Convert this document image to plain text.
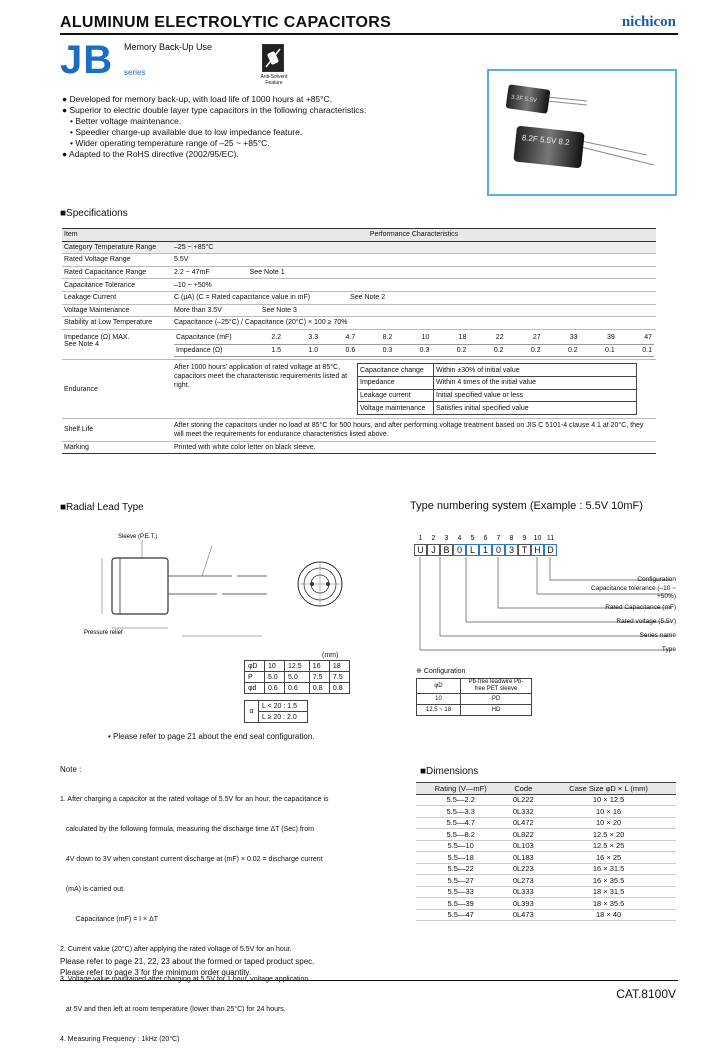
ALUMINUM ELECTROLYTIC CAPACITORS	nichicon
JB Memory Back-Up Use
series	Anti-Solvent Feature
3.3F 5.5V
8.2F 5.5V 8.2
● Developed for memory back-up, with load life of 1000 hours at +85°C.
● Superior to electric double layer type capacitors in the following characteristics:
• Better voltage maintenance.
• Speedier charge-up available due to low impedance feature.
• Wider operating temperature range of –25 ~ +85°C.
● Adapted to the RoHS directive (2002/95/EC).
■Specifications
Item	Performance Characteristics
Category Temperature Range	–25 ~ +85°C
Rated Voltage Range	5.5V
Rated Capacitance Range	2.2 ~ 47mF	See Note 1
Capacitance Tolerance	–10 ~ +50%
Leakage Current	C (μA) (C = Rated capacitance value in mF)	See Note 2
Voltage Maintenance	More than 3.5V	See Note 3
Stability at Low Temperature	Capacitance (–25°C) / Capacitance (20°C) × 100 ≥ 70%

Impedance (Ω) MAX.
See Note 4

Capacitance (mF)	2.2	3.3	4.7	8.2	10	18	22	27	33	39	47
Impedance (Ω)	1.5	1.0	0.6	0.3	0.3	0.2	0.2	0.2	0.2	0.1	0.1

Endurance	
After 1000 hours' application of rated voltage at 85°C, capacitors meet the characteristic requirements listed at right.
Capacitance change	Within ±30% of initial value
Impedance	Within 4 times of the initial value
Leakage current	Initial specified value or less
Voltage maintenance	Satisfies initial specified value

Shelf Life	After storing the capacitors under no load at 85°C for 500 hours, and after performing voltage treatment based on JIS C 5101-4 clause 4.1 at 20°C, they will meet the requirements for endurance characteristics listed above.
Marking	Printed with white color letter on black sleeve.
■Radial Lead Type
Sleeve (P.E.T.)
Pressure relief
(mm)
φD	10	12.5	16	18
P	5.0	5.0	7.5	7.5
φd	0.6	0.6	0.8	0.8
α	L < 20 : 1.5
L ≥ 20 : 2.0
• Please refer to page 21 about the end seal configuration.
Type numbering system (Example : 5.5V 10mF)
1	2	3	4	5	6	7	8	9	10 11
U J B 0 L 1 0 3 T H D
Configuration
Capacitance tolerance (–10 ~ +50%)
Rated Capacitance (mF)
Rated voltage (5.5V)
Series name
Type
※ Configuration
φD	Pb-free leadwire Pb-free PET sleeve
10	PD
12.5 ~ 18	HD
Note :

1. After charging a capacitor at the rated voltage of 5.5V for an hour, the capacitance is

calculated by the following formula, measuring the discharge time ΔT (Sec) from

4V down to 3V when constant current discharge at (mF) × 0.02 = discharge current

(mA) is carried out.

Capacitance (mF) = I × ΔT

2. Current value (20°C) after applying the rated voltage of 5.5V for an hour.

at 5V and then left at room temperature (lower than 25°C) for 24 hours.

4. Measuring Frequency : 1kHz (20°C)

■Dimensions
Rating (V—mF)	Code	Case Size φD × L (mm)
5.5—2.2	0L222	10 × 12.5
5.5—3.3	0L332	10 × 16
5.5—4.7	0L472	10 × 20
5.5—8.2	0L822	12.5 × 20
5.5—10	0L103	12.5 × 25
5.5—18	0L183	16 × 25
5.5—22	0L223	16 × 31.5
5.5—27	0L273	16 × 35.5
5.5—33	0L333	18 × 31.5
5.5—39	0L393	18 × 35.5
5.5—47	0L473	18 × 40
Please refer to page 21, 22, 23 about the formed or taped product spec.
Please refer to page 3 for the minimum order quantity.
CAT.8100V
